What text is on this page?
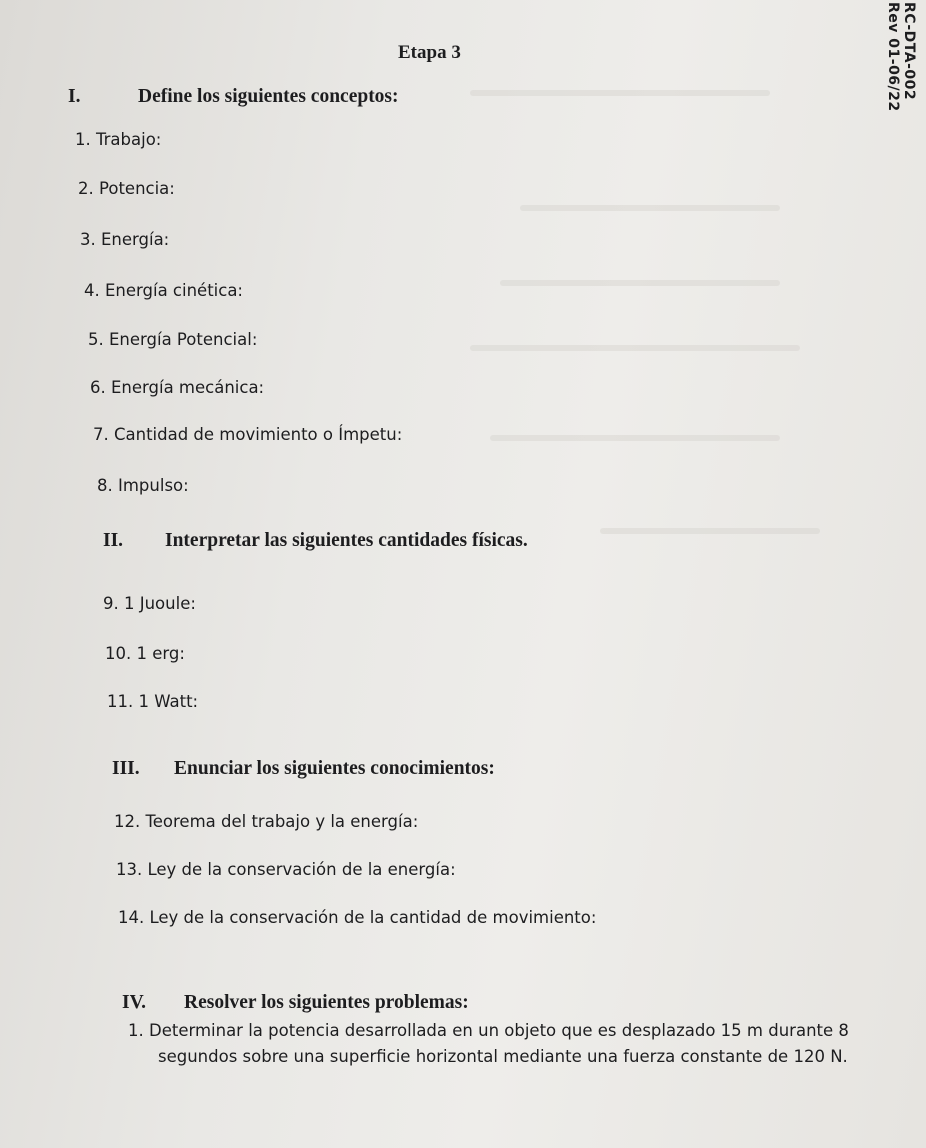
Etapa 3	RC-DTA-002
Rev 01-06/22
I.	Define los siguientes conceptos:
1. Trabajo:
2. Potencia:
3. Energía:
4. Energía cinética:
5. Energía Potencial:
6. Energía mecánica:
7. Cantidad de movimiento o Ímpetu:
8. Impulso:
II. Interpretar las siguientes cantidades físicas.
9. 1 Juoule:
10. 1 erg:
11. 1 Watt:
III. Enunciar los siguientes conocimientos:
12. Teorema del trabajo y la energía:
13. Ley de la conservación de la energía:
14. Ley de la conservación de la cantidad de movimiento:
IV. Resolver los siguientes problemas:
1. Determinar la potencia desarrollada en un objeto que es desplazado 15 m durante 8 segundos sobre una superficie horizontal mediante una fuerza constante de 120 N.
